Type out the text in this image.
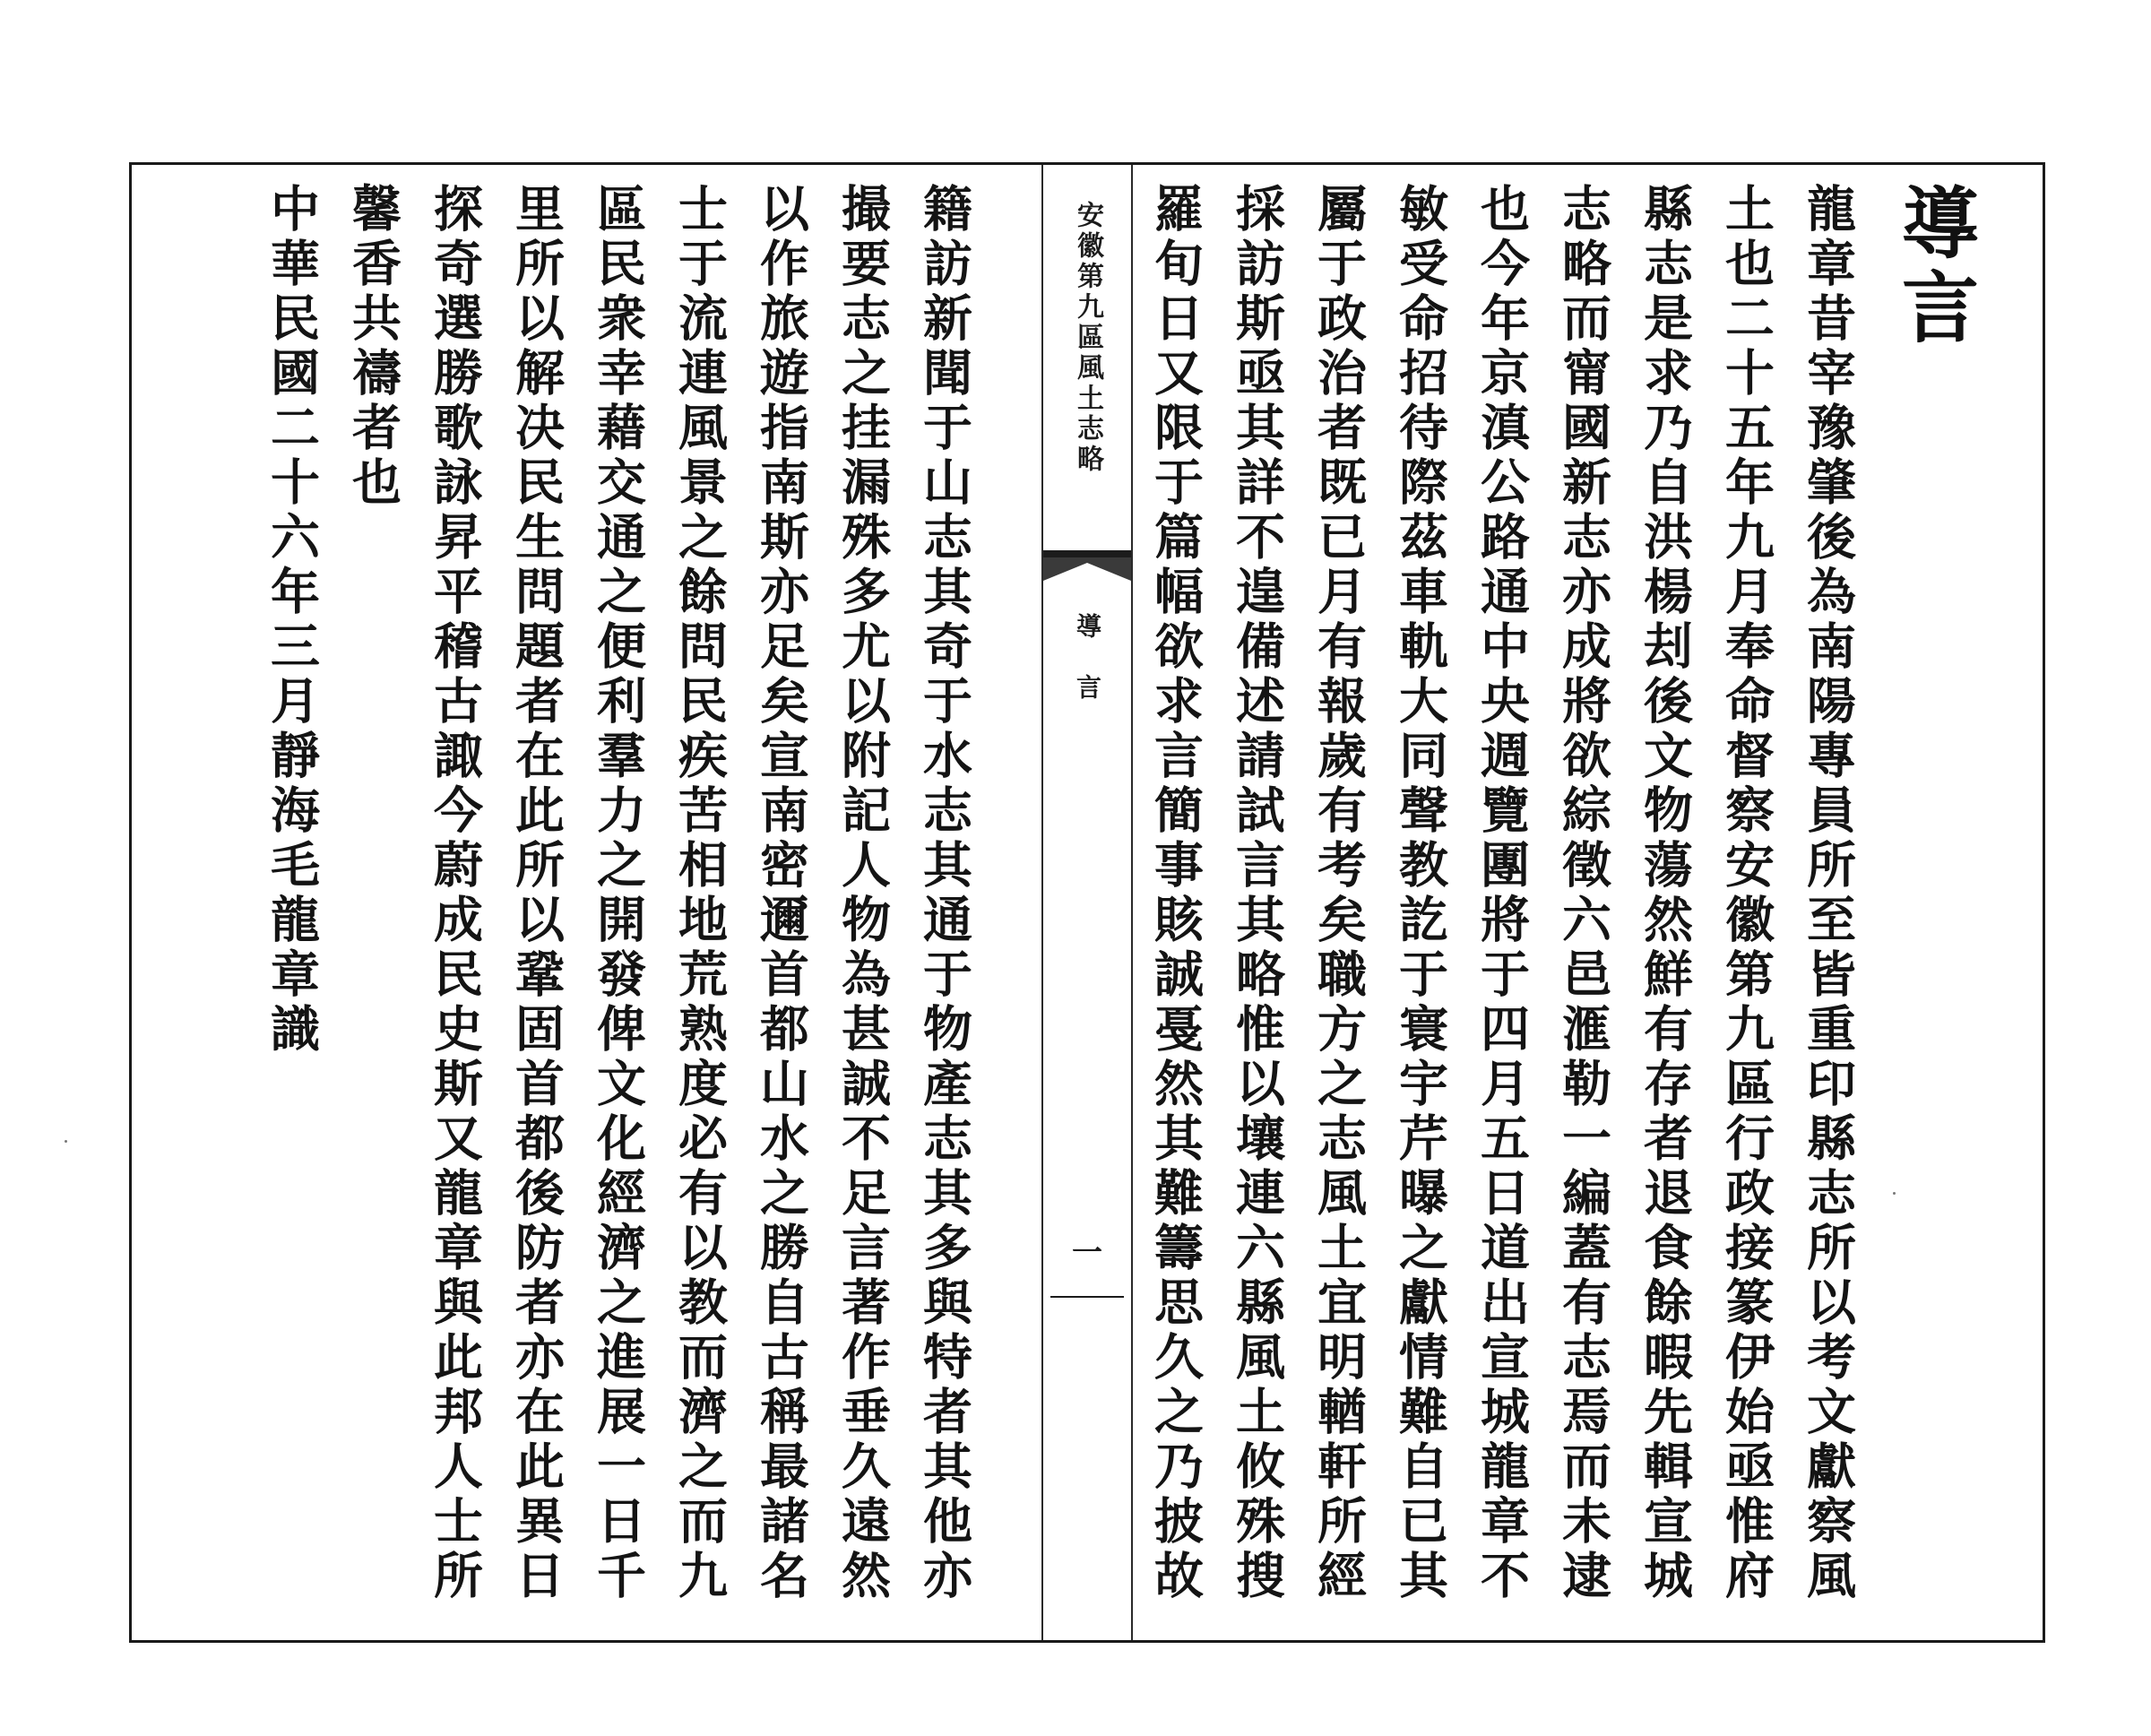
導言
龍章昔宰豫肇後為南陽專員所至皆重印縣志所以考文獻察風
土也二十五年九月奉命督察安徽第九區行政接篆伊始亟惟府
縣志是求乃自洪楊刦後文物蕩然鮮有存者退食餘暇先輯宣城
志略而甯國新志亦成將欲綜徵六邑滙勒一編蓋有志焉而未逮
也今年京滇公路通中央週覽團將于四月五日道出宣城龍章不
敏受命招待際茲車軌大同聲教訖于寰宇芹曝之獻情難自已其
屬于政治者既已月有報歲有考矣職方之志風土宜明輶軒所經
採訪斯亟其詳不遑備述請試言其略惟以壤連六縣風土攸殊搜
羅旬日又限于篇幅欲求言簡事賅誠戞然其難籌思久之乃披故
安徽第九區風土志略
導言
一
籍訪新聞于山志其奇于水志其通于物產志其多與特者其他亦
撮要志之挂漏殊多尤以附記人物為甚誠不足言著作垂久遠然
以作旅遊指南斯亦足矣宣南密邇首都山水之勝自古稱最諸名
士于流連風景之餘問民疾苦相地荒熟度必有以教而濟之而九
區民衆幸藉交通之便利羣力之開發俾文化經濟之進展一日千
里所以解决民生問題者在此所以鞏固首都後防者亦在此異日
探奇選勝歌詠昇平稽古諏今蔚成民史斯又龍章與此邦人士所
馨香共禱者也
中華民國二十六年三月靜海毛龍章識
